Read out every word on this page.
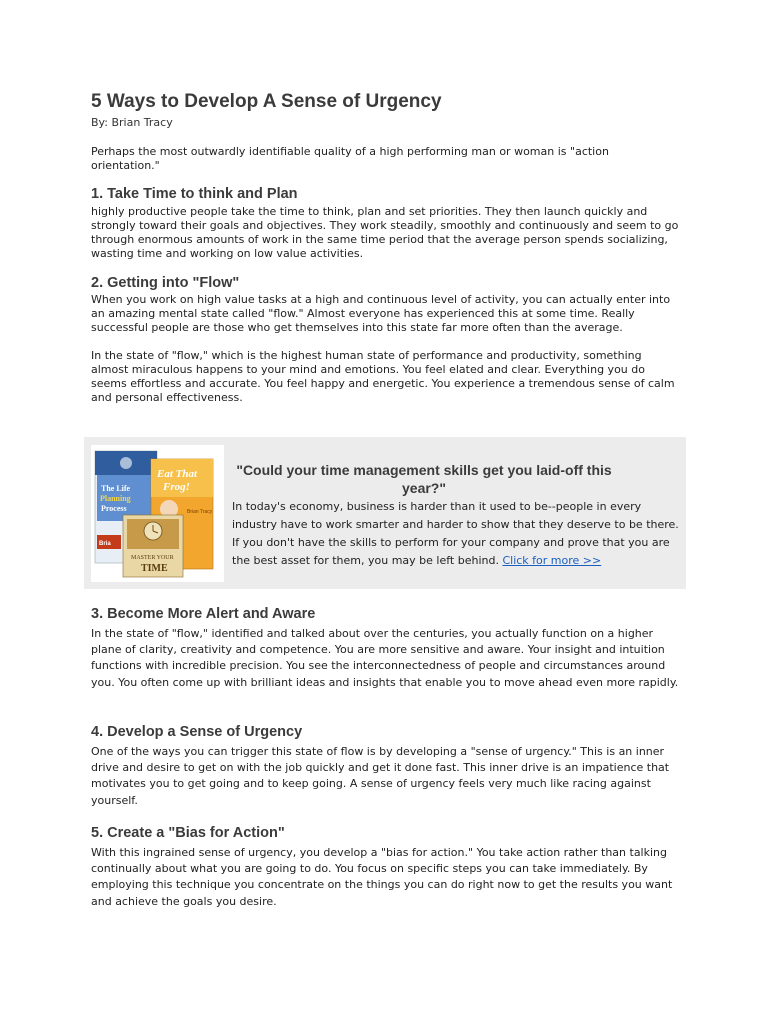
5 Ways to Develop A Sense of Urgency
By: Brian Tracy

Perhaps the most outwardly identifiable quality of a high performing man or woman is "action orientation."

1. Take Time to think and Plan

highly productive people take the time to think, plan and set priorities. They then launch quickly and strongly toward their goals and objectives. They work steadily, smoothly and continuously and seem to go through enormous amounts of work in the same time period that the average person spends socializing, wasting time and working on low value activities.

2. Getting into "Flow"

When you work on high value tasks at a high and continuous level of activity, you can actually enter into an amazing mental state called "flow." Almost everyone has experienced this at some time. Really successful people are those who get themselves into this state far more often than the average.

In the state of "flow," which is the highest human state of performance and productivity, something almost miraculous happens to your mind and emotions. You feel elated and clear. Everything you do seems effortless and accurate. You feel happy and energetic. You experience a tremendous sense of calm and personal effectiveness.

3. Become More Alert and Aware

In the state of "flow," identified and talked about over the centuries, you actually function on a higher plane of clarity, creativity and competence. You are more sensitive and aware. Your insight and intuition functions with incredible precision. You see the interconnectedness of people and circumstances around you. You often come up with brilliant ideas and insights that enable you to move ahead even more rapidly.

4. Develop a Sense of Urgency

One of the ways you can trigger this state of flow is by developing a "sense of urgency." This is an inner drive and desire to get on with the job quickly and get it done fast. This inner drive is an impatience that motivates you to get going and to keep going. A sense of urgency feels very much like racing against yourself.

5. Create a "Bias for Action"

With this ingrained sense of urgency, you develop a "bias for action." You take action rather than talking continually about what you are going to do. You focus on specific steps you can take immediately. By employing this technique you concentrate on the things you can do right now to get the results you want and achieve the goals you desire.

The Life
Planning
Process
Bria
Eat That
Frog!
Brian Tracy
MASTER YOUR
TIME
"Could your time management skills get you laid-off this year?"

In today's economy, business is harder than it used to be--people in every industry have to work smarter and harder to show that they deserve to be there. If you don't have the skills to perform for your company and prove that you are the best asset for them, you may be left behind. Click for more >>
